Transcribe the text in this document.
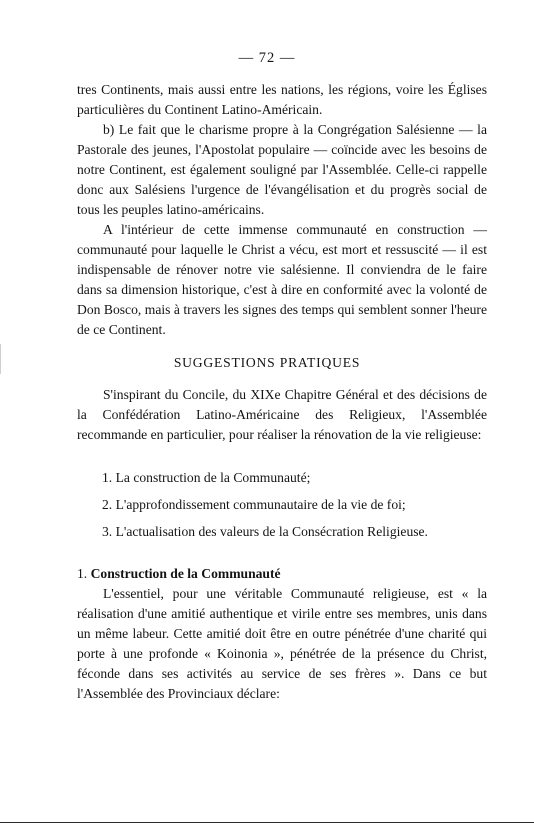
— 72 —

tres Continents, mais aussi entre les nations, les régions, voire les Églises particulières du Continent Latino-Américain.

b) Le fait que le charisme propre à la Congrégation Salésienne — la Pastorale des jeunes, l'Apostolat populaire — coïncide avec les besoins de notre Continent, est également souligné par l'Assemblée. Celle-ci rappelle donc aux Salésiens l'urgence de l'évangélisation et du progrès social de tous les peuples latino-américains.

A l'intérieur de cette immense communauté en construction — communauté pour laquelle le Christ a vécu, est mort et ressuscité — il est indispensable de rénover notre vie salésienne. Il conviendra de le faire dans sa dimension historique, c'est à dire en conformité avec la volonté de Don Bosco, mais à travers les signes des temps qui semblent sonner l'heure de ce Continent.

SUGGESTIONS PRATIQUES

S'inspirant du Concile, du XIXe Chapitre Général et des décisions de la Confédération Latino-Américaine des Religieux, l'Assemblée recommande en particulier, pour réaliser la rénovation de la vie religieuse:

1. La construction de la Communauté;
2. L'approfondissement communautaire de la vie de foi;
3. L'actualisation des valeurs de la Consécration Religieuse.
1. Construction de la Communauté

L'essentiel, pour une véritable Communauté religieuse, est « la réalisation d'une amitié authentique et virile entre ses membres, unis dans un même labeur. Cette amitié doit être en outre pénétrée d'une charité qui porte à une profonde « Koinonia », pénétrée de la présence du Christ, féconde dans ses activités au service de ses frères ». Dans ce but l'Assemblée des Provinciaux déclare:
